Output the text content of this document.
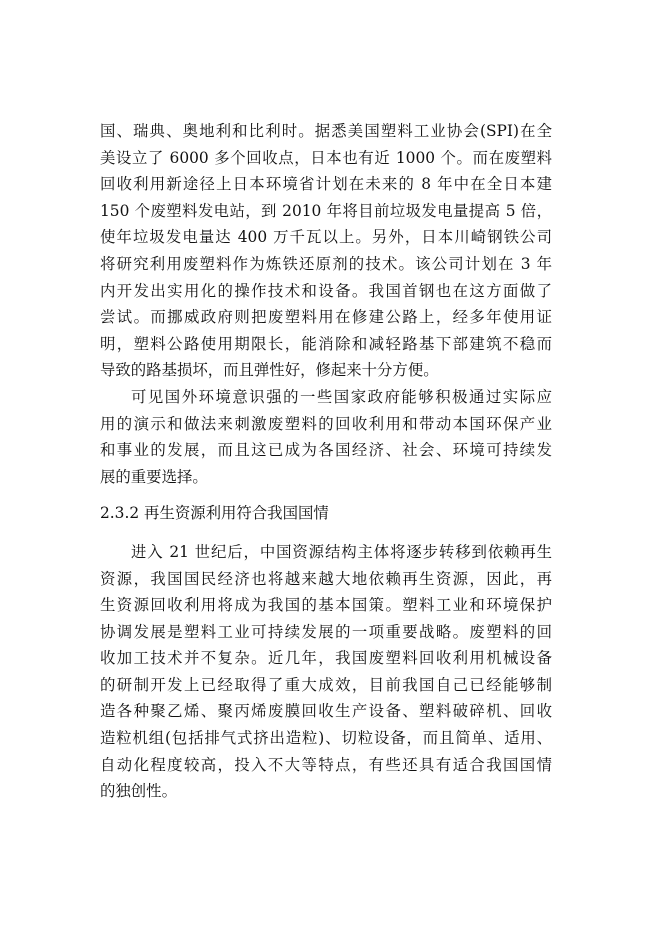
国、瑞典、奥地利和比利时。据悉美国塑料工业协会(SPI)在全
美设立了 6000 多个回收点，日本也有近 1000 个。而在废塑料
回收利用新途径上日本环境省计划在未来的 8 年中在全日本建
150 个废塑料发电站，到 2010 年将目前垃圾发电量提高 5 倍，
使年垃圾发电量达 400 万千瓦以上。另外，日本川崎钢铁公司
将研究利用废塑料作为炼铁还原剂的技术。该公司计划在 3 年
内开发出实用化的操作技术和设备。我国首钢也在这方面做了
尝试。而挪威政府则把废塑料用在修建公路上，经多年使用证
明，塑料公路使用期限长，能消除和减轻路基下部建筑不稳而
导致的路基损坏，而且弹性好，修起来十分方便。
可见国外环境意识强的一些国家政府能够积极通过实际应
用的演示和做法来刺激废塑料的回收利用和带动本国环保产业
和事业的发展，而且这已成为各国经济、社会、环境可持续发
展的重要选择。
2.3.2 再生资源利用符合我国国情
进入 21 世纪后，中国资源结构主体将逐步转移到依赖再生
资源，我国国民经济也将越来越大地依赖再生资源，因此，再
生资源回收利用将成为我国的基本国策。塑料工业和环境保护
协调发展是塑料工业可持续发展的一项重要战略。废塑料的回
收加工技术并不复杂。近几年，我国废塑料回收利用机械设备
的研制开发上已经取得了重大成效，目前我国自己已经能够制
造各种聚乙烯、聚丙烯废膜回收生产设备、塑料破碎机、回收
造粒机组(包括排气式挤出造粒)、切粒设备，而且简单、适用、
自动化程度较高，投入不大等特点，有些还具有适合我国国情
的独创性。
